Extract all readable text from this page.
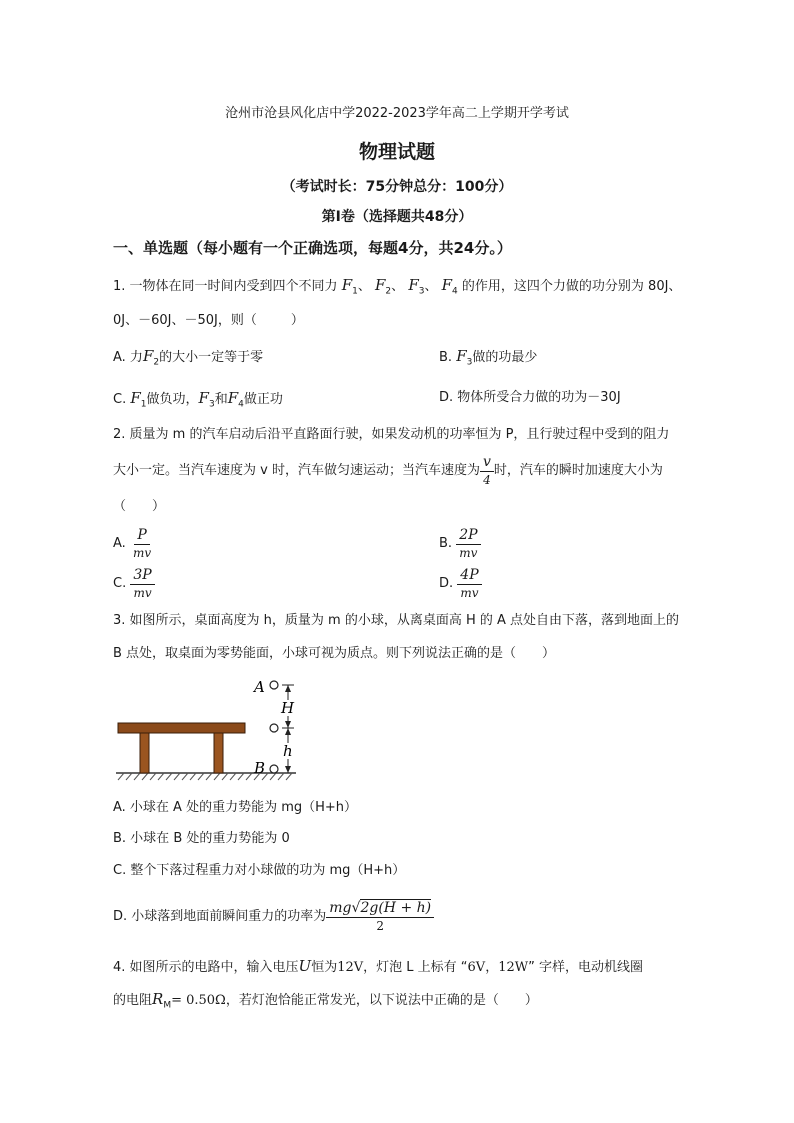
沧州市沧县风化店中学2022-2023学年高二上学期开学考试
物理试题
（考试时长：75分钟总分：100分）
第Ⅰ卷（选择题共48分）
一、单选题（每小题有一个正确选项，每题4分，共24分。）
1. 一物体在同一时间内受到四个不同力 $F_1$、 $F_2$、 $F_3$、 $F_4$ 的作用，这四个力做的功分别为 80J、
0J、－60J、－50J，则（	）
A. 力$F_2$的大小一定等于零	B. $F_3$做的功最少
C. $F_1$做负功，$F_3$和$F_4$做正功	D. 物体所受合力做的功为－30J
2. 质量为 m 的汽车启动后沿平直路面行驶，如果发动机的功率恒为 P，且行驶过程中受到的阻力
大小一定。当汽车速度为 v 时，汽车做匀速运动；当汽车速度为 $\frac{v}{4}$ 时，汽车的瞬时加速度大小为
（　　）
A. $\frac{P}{mv}$	B. $\frac{2P}{mv}$
C. $\frac{3P}{mv}$	D. $\frac{4P}{mv}$
3. 如图所示，桌面高度为 h，质量为 m 的小球，从离桌面高 H 的 A 点处自由下落，落到地面上的
B 点处，取桌面为零势能面，小球可视为质点。则下列说法正确的是（　　）
A
H
h
B
A. 小球在 A 处的重力势能为 mg（H+h）
B. 小球在 B 处的重力势能为 0
C. 整个下落过程重力对小球做的功为 mg（H+h）
D. 小球落到地面前瞬间重力的功率为 $\frac{mg√2g(H + h)}{2}$
4. 如图所示的电路中，输入电压U恒为12V，灯泡 L 上标有 “6V，12W” 字样，电动机线圈
的电阻$R_M= 0.50\Omega$，若灯泡恰能正常发光，以下说法中正确的是（　　）
